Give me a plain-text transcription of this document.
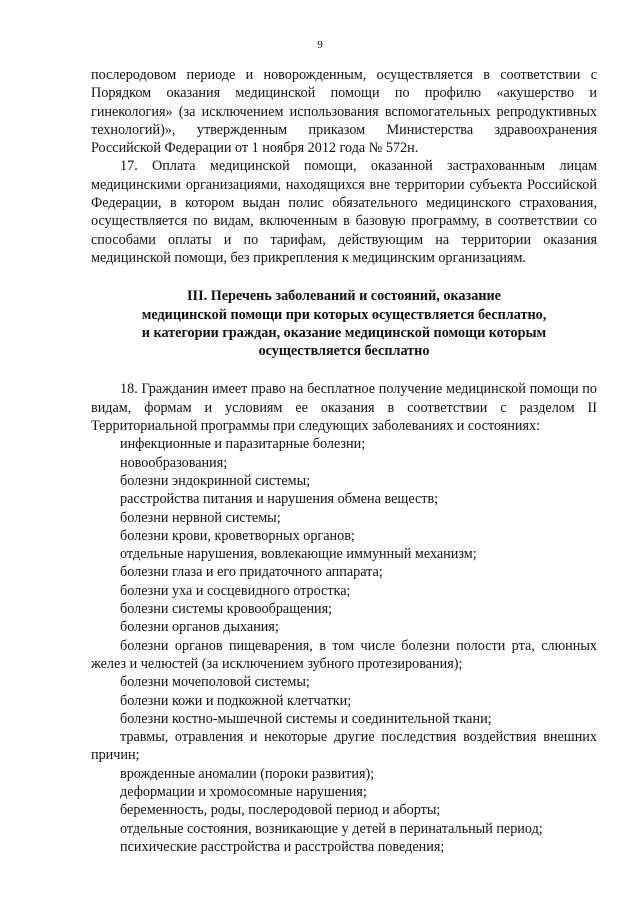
9

послеродовом периоде и новорожденным, осуществляется в соответствии с Порядком оказания медицинской помощи по профилю «акушерство и гинекология» (за исключением использования вспомогательных репродуктивных технологий)», утвержденным приказом Министерства здравоохранения Российской Федерации от 1 ноября 2012 года № 572н.

17. Оплата медицинской помощи, оказанной застрахованным лицам медицинскими организациями, находящихся вне территории субъекта Российской Федерации, в котором выдан полис обязательного медицинского страхования, осуществляется по видам, включенным в базовую программу, в соответствии со способами оплаты и по тарифам, действующим на территории оказания медицинской помощи, без прикрепления к медицинским организациям.

III. Перечень заболеваний и состояний, оказание
медицинской помощи при которых осуществляется бесплатно,
и категории граждан, оказание медицинской помощи которым
осуществляется бесплатно

18. Гражданин имеет право на бесплатное получение медицинской помощи по видам, формам и условиям ее оказания в соответствии с разделом II Территориальной программы при следующих заболеваниях и состояниях:

инфекционные и паразитарные болезни;

новообразования;

болезни эндокринной системы;

расстройства питания и нарушения обмена веществ;

болезни нервной системы;

болезни крови, кроветворных органов;

отдельные нарушения, вовлекающие иммунный механизм;

болезни глаза и его придаточного аппарата;

болезни уха и сосцевидного отростка;

болезни системы кровообращения;

болезни органов дыхания;

болезни органов пищеварения, в том числе болезни полости рта, слюнных желез и челюстей (за исключением зубного протезирования);

болезни мочеполовой системы;

болезни кожи и подкожной клетчатки;

болезни костно-мышечной системы и соединительной ткани;

травмы, отравления и некоторые другие последствия воздействия внешних причин;

врожденные аномалии (пороки развития);

деформации и хромосомные нарушения;

беременность, роды, послеродовой период и аборты;

отдельные состояния, возникающие у детей в перинатальный период;

психические расстройства и расстройства поведения;
